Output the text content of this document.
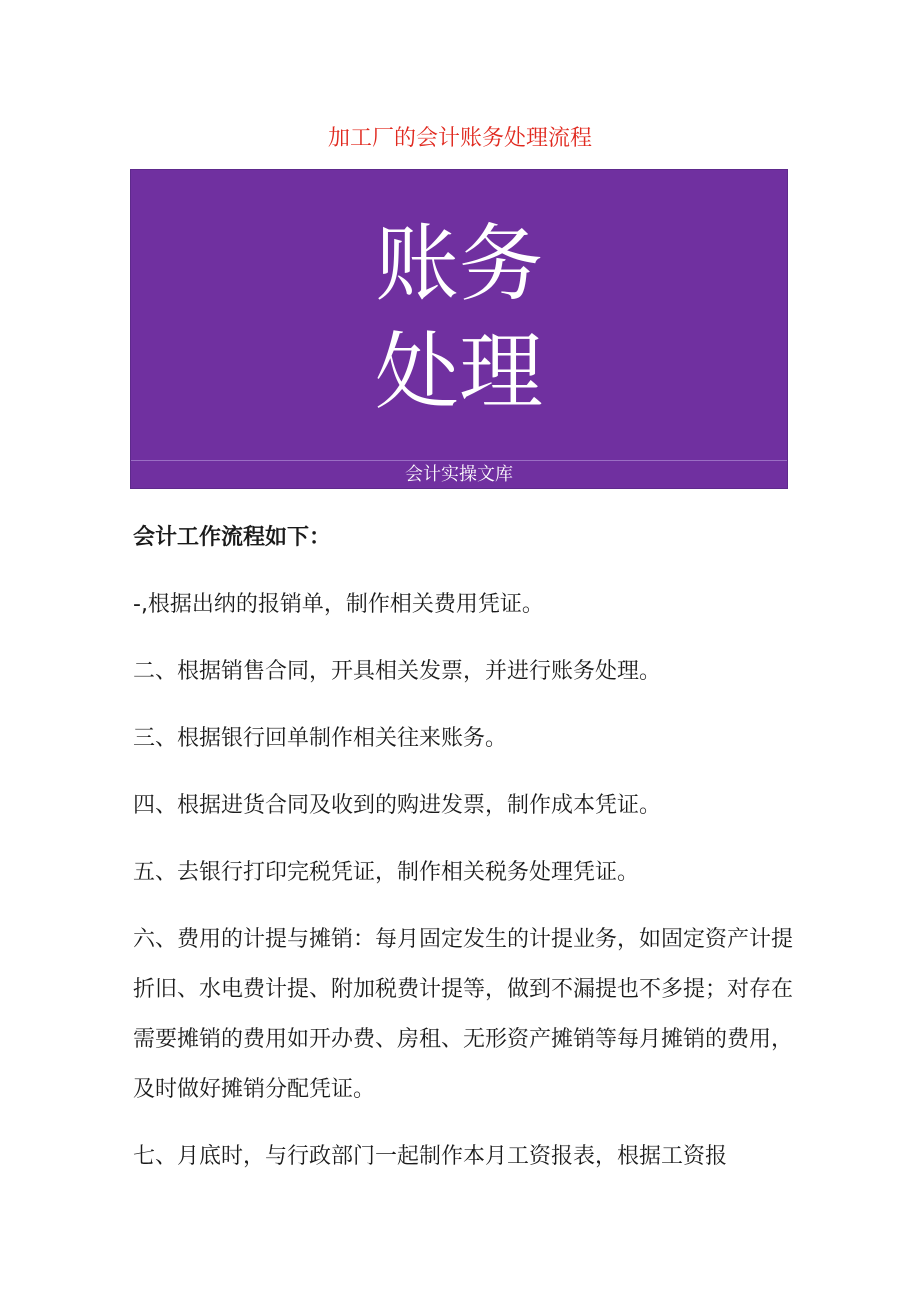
加工厂的会计账务处理流程
账务
处理
会计实操文库
会计工作流程如下：
-,根据出纳的报销单，制作相关费用凭证。
二、根据销售合同，开具相关发票，并进行账务处理。
三、根据银行回单制作相关往来账务。
四、根据进货合同及收到的购进发票，制作成本凭证。
五、去银行打印完税凭证，制作相关税务处理凭证。
六、费用的计提与摊销：每月固定发生的计提业务，如固定资产计提折旧、水电费计提、附加税费计提等，做到不漏提也不多提；对存在需要摊销的费用如开办费、房租、无形资产摊销等每月摊销的费用，及时做好摊销分配凭证。
七、月底时，与行政部门一起制作本月工资报表，根据工资报
